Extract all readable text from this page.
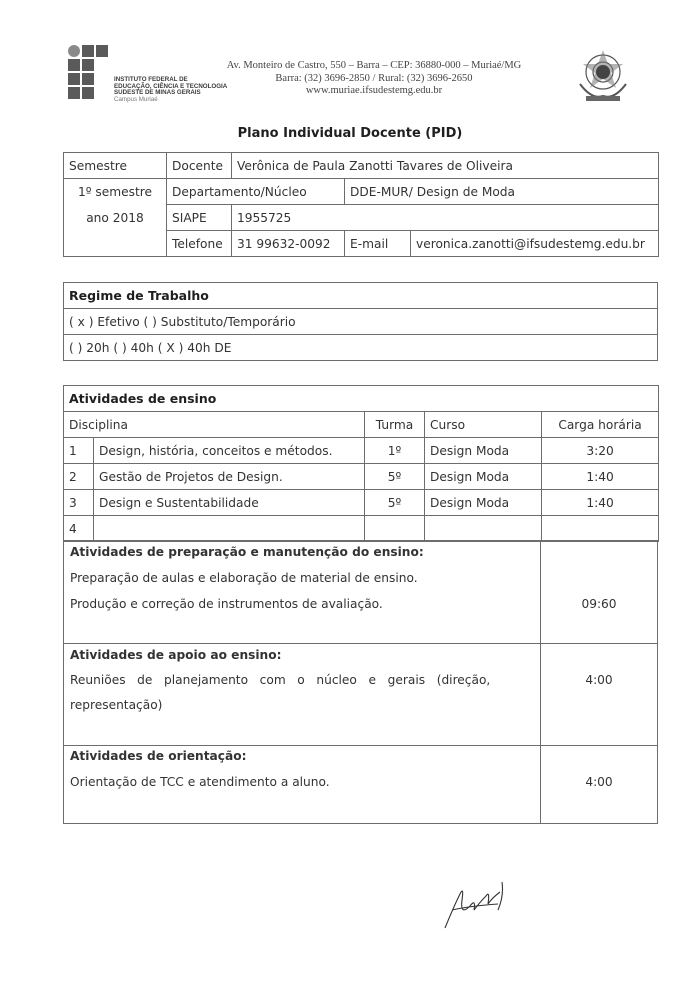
INSTITUTO FEDERAL DE
EDUCAÇÃO, CIÊNCIA E TECNOLOGIA
SUDESTE DE MINAS GERAIS
Campus Muriaé
Av. Monteiro de Castro, 550 – Barra – CEP: 36880-000 – Muriaé/MG
Barra: (32) 3696-2850 / Rural: (32) 3696-2650
www.muriae.ifsudestemg.edu.br
Plano Individual Docente (PID)
Semestre	Docente	Verônica de Paula Zanotti Tavares de Oliveira		
1º semestre	Departamento/Núcleo		DDE-MUR/ Design de Moda	
ano 2018	SIAPE	1955725		
	Telefone	31 99632-0092	E-mail	veronica.zanotti@ifsudestemg.edu.br
Regime de Trabalho
( x ) Efetivo ( ) Substituto/Temporário
( ) 20h ( ) 40h ( X ) 40h DE
Atividades de ensino				
Disciplina		Turma	Curso	Carga horária
1	Design, história, conceitos e métodos.	1º	Design Moda	3:20
2	Gestão de Projetos de Design.	5º	Design Moda	1:40
3	Design e Sustentabilidade	5º	Design Moda	1:40
4				
Atividades de preparação e manutenção do ensino:
Preparação de aulas e elaboração de material de ensino.
Produção e correção de instrumentos de avaliação.	09:60
Atividades de apoio ao ensino:
Reuniões   de   planejamento   com   o   núcleo   e   gerais   (direção,
representação)
4:00
Atividades de orientação:
Orientação de TCC e atendimento a aluno.	4:00
